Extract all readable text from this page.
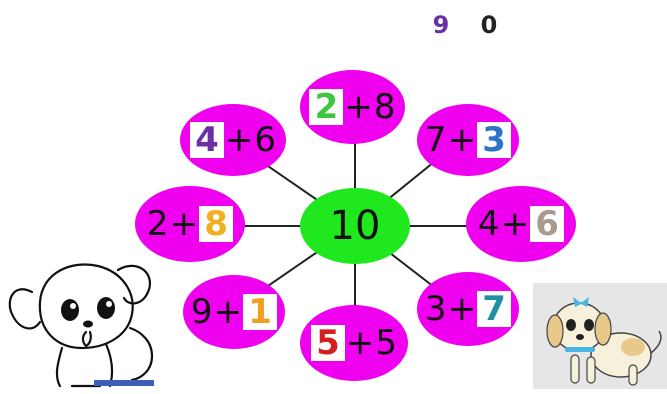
9 0
2 + 8
7 + 3
4 + 6
3 + 7
5 + 5
9 + 1
2 + 8
4 + 6
10
